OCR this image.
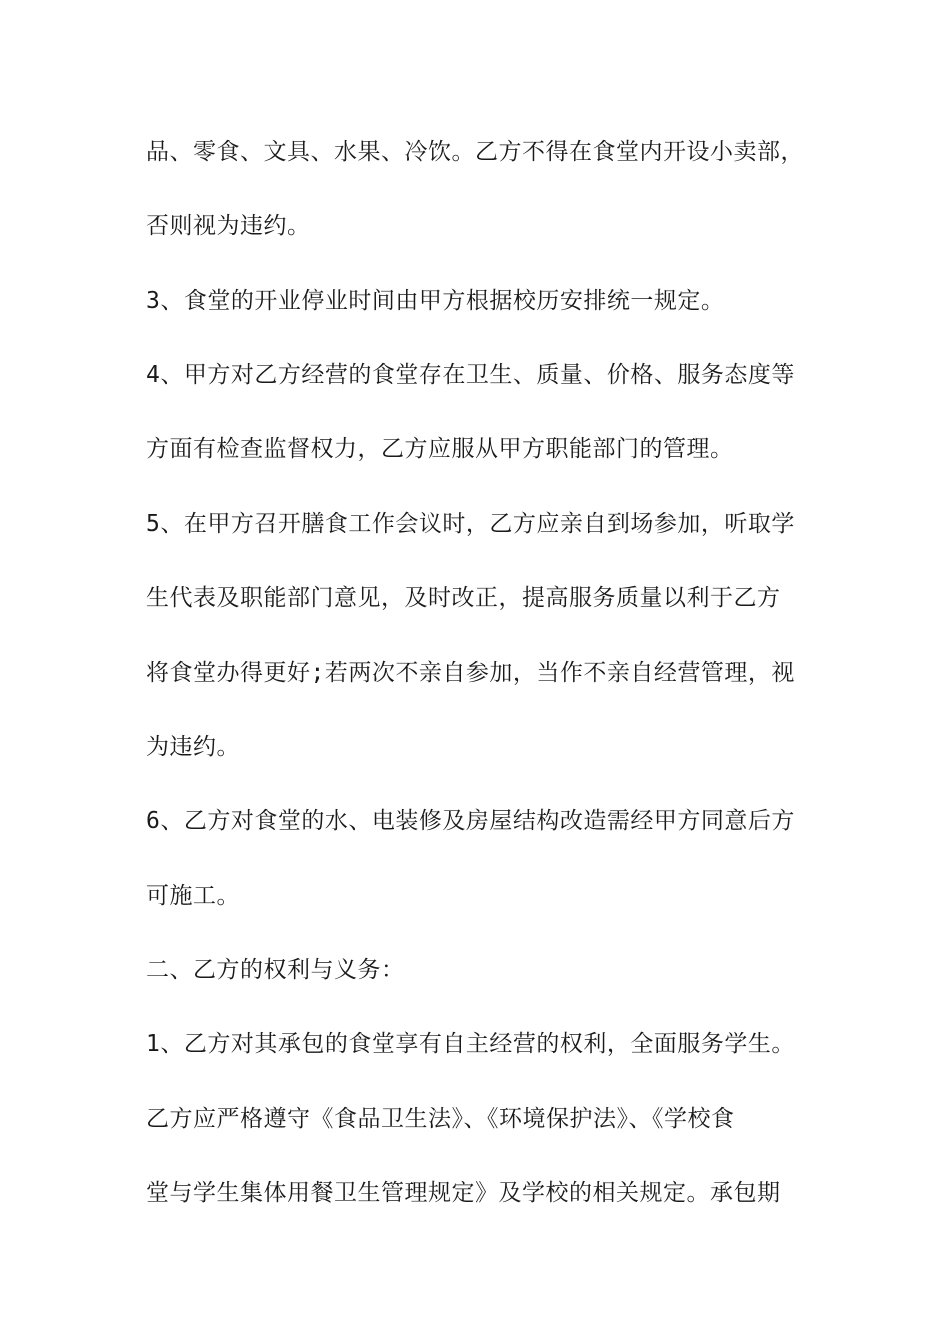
品、零食、文具、水果、冷饮。乙方不得在食堂内开设小卖部，
否则视为违约。
3、食堂的开业停业时间由甲方根据校历安排统一规定。
4、甲方对乙方经营的食堂存在卫生、质量、价格、服务态度等
方面有检查监督权力，乙方应服从甲方职能部门的管理。
5、在甲方召开膳食工作会议时，乙方应亲自到场参加，听取学
生代表及职能部门意见，及时改正，提高服务质量以利于乙方
将食堂办得更好;若两次不亲自参加，当作不亲自经营管理，视
为违约。
6、乙方对食堂的水、电装修及房屋结构改造需经甲方同意后方
可施工。
二、乙方的权利与义务：
1、乙方对其承包的食堂享有自主经营的权利，全面服务学生。
乙方应严格遵守《食品卫生法》、《环境保护法》、《学校食
堂与学生集体用餐卫生管理规定》及学校的相关规定。承包期
